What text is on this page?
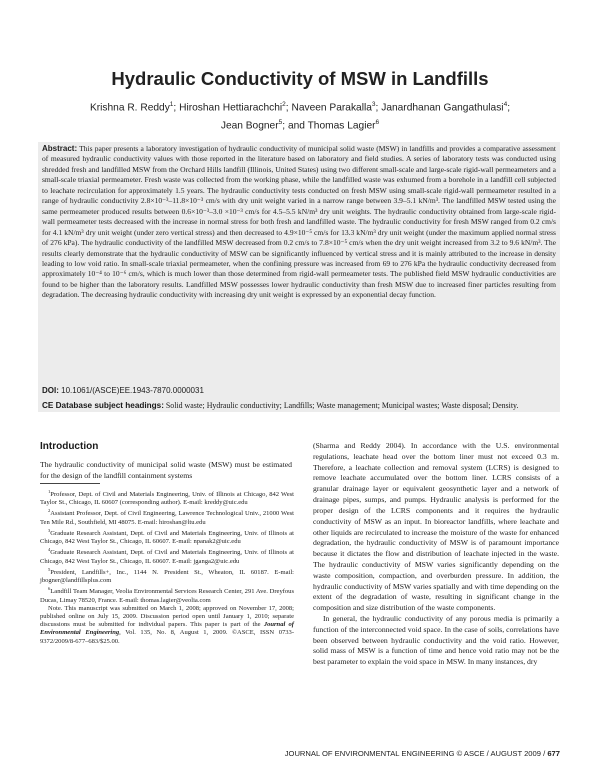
Hydraulic Conductivity of MSW in Landfills
Krishna R. Reddy$^1$; Hiroshan Hettiarachchi$^2$; Naveen Parakalla$^3$; Janardhanan Gangathulasi$^4$;
Jean Bogner$^5$; and Thomas Lagier$^6$
Abstract: This paper presents a laboratory investigation of hydraulic conductivity of municipal solid waste (MSW) in landfills and provides a comparative assessment of measured hydraulic conductivity values with those reported in the literature based on laboratory and field studies. A series of laboratory tests was conducted using shredded fresh and landfilled MSW from the Orchard Hills landfill (Illinois, United States) using two different small-scale and large-scale rigid-wall permeameters and a small-scale triaxial permeameter. Fresh waste was collected from the working phase, while the landfilled waste was exhumed from a borehole in a landfill cell subjected to leachate recirculation for approximately 1.5 years. The hydraulic conductivity tests conducted on fresh MSW using small-scale rigid-wall permeameter resulted in a range of hydraulic conductivity 2.8×10⁻³–11.8×10⁻³ cm/s with dry unit weight varied in a narrow range between 3.9–5.1 kN/m³. The landfilled MSW tested using the same permeameter produced results between 0.6×10⁻³–3.0 ×10⁻³ cm/s for 4.5–5.5 kN/m³ dry unit weights. The hydraulic conductivity obtained from large-scale rigid-wall permeameter tests decreased with the increase in normal stress for both fresh and landfilled waste. The hydraulic conductivity for fresh MSW ranged from 0.2 cm/s for 4.1 kN/m³ dry unit weight (under zero vertical stress) and then decreased to 4.9×10⁻⁵ cm/s for 13.3 kN/m³ dry unit weight (under the maximum applied normal stress of 276 kPa). The hydraulic conductivity of the landfilled MSW decreased from 0.2 cm/s to 7.8×10⁻⁵ cm/s when the dry unit weight increased from 3.2 to 9.6 kN/m³. The results clearly demonstrate that the hydraulic conductivity of MSW can be significantly influenced by vertical stress and it is mainly attributed to the increase in density leading to low void ratio. In small-scale triaxial permeameter, when the confining pressure was increased from 69 to 276 kPa the hydraulic conductivity decreased from approximately 10⁻⁴ to 10⁻⁶ cm/s, which is much lower than those determined from rigid-wall permeameter tests. The published field MSW hydraulic conductivities are found to be higher than the laboratory results. Landfilled MSW possesses lower hydraulic conductivity than fresh MSW due to increased finer particles resulting from degradation. The decreasing hydraulic conductivity with increasing dry unit weight is expressed by an exponential decay function.
DOI: 10.1061/(ASCE)EE.1943-7870.0000031
CE Database subject headings: Solid waste; Hydraulic conductivity; Landfills; Waste management; Municipal wastes; Waste disposal; Density.
Introduction
The hydraulic conductivity of municipal solid waste (MSW) must be estimated for the design of the landfill containment systems

$^1$Professor, Dept. of Civil and Materials Engineering, Univ. of Illinois at Chicago, 842 West Taylor St., Chicago, IL 60607 (corresponding author). E-mail: kreddy@uic.edu

$^2$Assistant Professor, Dept. of Civil Engineering, Lawrence Technological Univ., 21000 West Ten Mile Rd., Southfield, MI 48075. E-mail: hiroshan@ltu.edu

$^3$Graduate Research Assistant, Dept. of Civil and Materials Engineering, Univ. of Illinois at Chicago, 842 West Taylor St., Chicago, IL 60607. E-mail: npanak2@uic.edu

$^4$Graduate Research Assistant, Dept. of Civil and Materials Engineering, Univ. of Illinois at Chicago, 842 West Taylor St., Chicago, IL 60607. E-mail: jganga2@uic.edu

$^5$President, Landfills+, Inc., 1144 N. President St., Wheaton, IL 60187. E-mail: jbogner@landfillsplus.com

$^6$Landfill Team Manager, Veolia Environmental Services Research Center, 291 Ave. Dreyfous Ducas, Limay 78520, France. E-mail: thomas.lagier@veolia.com

Note. This manuscript was submitted on March 1, 2008; approved on November 17, 2008; published online on July 15, 2009. Discussion period open until January 1, 2010; separate discussions must be submitted for individual papers. This paper is part of the Journal of Environmental Engineering, Vol. 135, No. 8, August 1, 2009. ©ASCE, ISSN 0733-9372/2009/8-677–683/$25.00.

(Sharma and Reddy 2004). In accordance with the U.S. environmental regulations, leachate head over the bottom liner must not exceed 0.3 m. Therefore, a leachate collection and removal system (LCRS) is designed to remove leachate accumulated over the bottom liner. LCRS consists of a granular drainage layer or equivalent geosynthetic layer and a network of drainage pipes, sumps, and pumps. Hydraulic analysis is performed for the proper design of the LCRS components and it requires the hydraulic conductivity of MSW as an input. In bioreactor landfills, where leachate and other liquids are recirculated to increase the moisture of the waste for enhanced degradation, the hydraulic conductivity of MSW is of paramount importance because it dictates the flow and distribution of leachate injected in the waste. The hydraulic conductivity of MSW varies significantly depending on the waste composition, compaction, and overburden pressure. In addition, the hydraulic conductivity of MSW varies spatially and with time depending on the extent of the degradation of waste, resulting in significant change in the composition and size distribution of the waste components.

In general, the hydraulic conductivity of any porous media is primarily a function of the interconnected void space. In the case of soils, correlations have been observed between hydraulic conductivity and the void ratio. However, solid mass of MSW is a function of time and hence void ratio may not be the best parameter to explain the void space in MSW. In many instances, dry

JOURNAL OF ENVIRONMENTAL ENGINEERING © ASCE / AUGUST 2009 / 677
